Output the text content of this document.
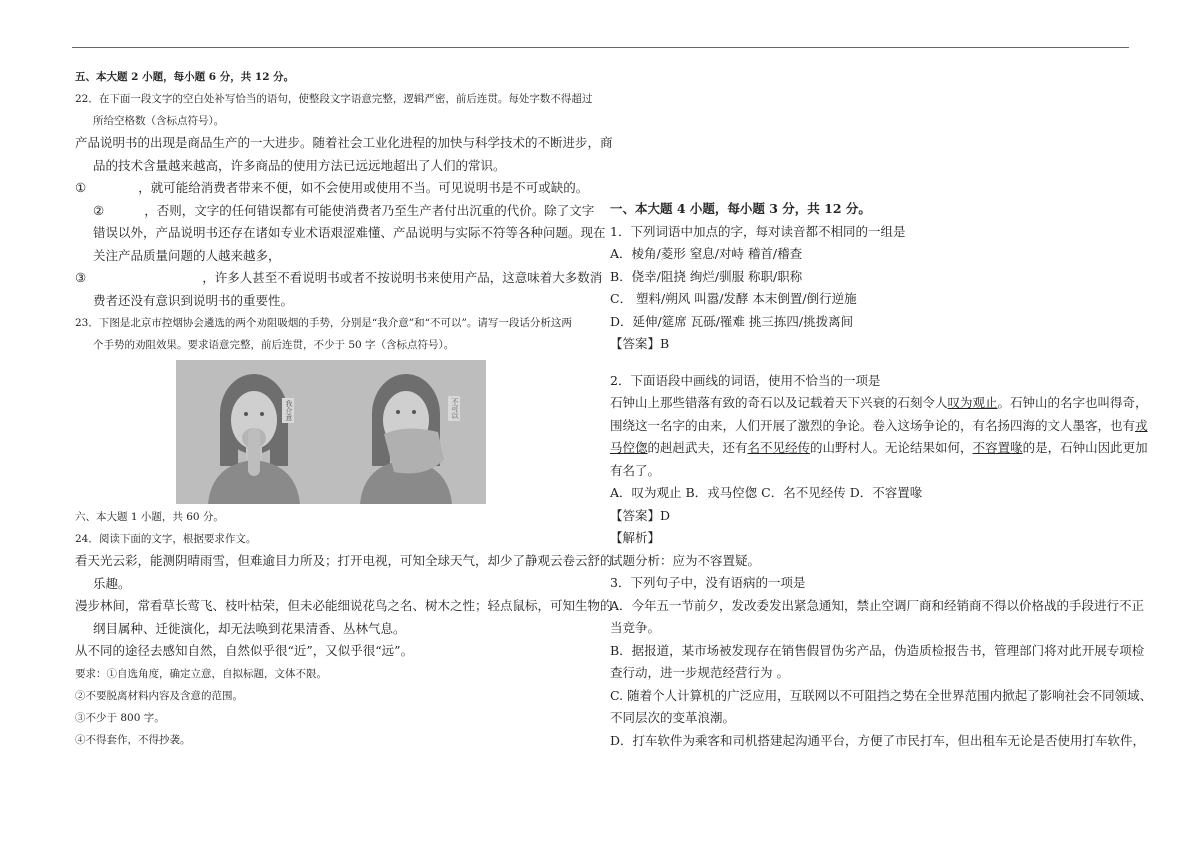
五、本大题 2 小题，每小题 6 分，共 12 分。
22．在下面一段文字的空白处补写恰当的语句，使整段文字语意完整，逻辑严密，前后连贯。每处字数不得超过
所给空格数（含标点符号）。
产品说明书的出现是商品生产的一大进步。随着社会工业化进程的加快与科学技术的不断进步，商
品的技术含量越来越高，许多商品的使用方法已远远地超出了人们的常识。
①	，就可能给消费者带来不便，如不会使用或使用不当。可见说明书是不可或缺的。
②	，否则，文字的任何错误都有可能使消费者乃至生产者付出沉重的代价。除了文字
错误以外，产品说明书还存在诸如专业术语艰涩难懂、产品说明与实际不符等各种问题。现在
关注产品质量问题的人越来越多，
③	，许多人甚至不看说明书或者不按说明书来使用产品，这意味着大多数消
费者还没有意识到说明书的重要性。
23．下图是北京市控烟协会遴选的两个劝阻吸烟的手势，分别是“我介意”和“不可以”。请写一段话分析这两
个手势的劝阻效果。要求语意完整，前后连贯，不少于 50 字（含标点符号）。
我介意	不可以
六、本大题 1 小题，共 60 分。
24．阅读下面的文字，根据要求作文。
看天光云彩，能测阴晴雨雪，但难逾目力所及；打开电视，可知全球天气，却少了静观云卷云舒的
乐趣。
漫步林间，常看草长莺飞、枝叶枯荣，但未必能细说花鸟之名、树木之性；轻点鼠标，可知生物的
纲目属种、迁徙演化，却无法唤到花果清香、丛林气息。
从不同的途径去感知自然，自然似乎很“近”，又似乎很“远”。
要求：①自选角度，确定立意，自拟标题，文体不限。
②不要脱离材料内容及含意的范围。
③不少于 800 字。
④不得套作，不得抄袭。
一、本大题 4 小题，每小题 3 分，共 12 分。
1．下列词语中加点的字，每对读音都不相同的一组是
A．棱角/菱形 窒息/对峙 稽首/稽查
B．侥幸/阻挠 绚烂/驯服 称职/职称
C． 塑料/朔风 叫嚣/发酵 本末倒置/倒行逆施
D．延伸/筵席 瓦砾/罹难 挑三拣四/挑拨离间
【答案】B
2．下面语段中画线的词语，使用不恰当的一项是
石钟山上那些错落有致的奇石以及记载着天下兴衰的石刻令人叹为观止。石钟山的名字也叫得奇，
围绕这一名字的由来，人们开展了激烈的争论。卷入这场争论的，有名扬四海的文人墨客，也有戎
马倥偬的赳赳武夫，还有名不见经传的山野村人。无论结果如何，不容置喙的是，石钟山因此更加
有名了。
A．叹为观止 B．戎马倥偬 C．名不见经传 D．不容置喙
【答案】D
【解析】
试题分析：应为不容置疑。
3．下列句子中，没有语病的一项是
A．今年五一节前夕，发改委发出紧急通知，禁止空调厂商和经销商不得以价格战的手段进行不正
当竞争。
B．据报道，某市场被发现存在销售假冒伪劣产品，伪造质检报告书，管理部门将对此开展专项检
查行动，进一步规范经营行为 。
C. 随着个人计算机的广泛应用，互联网以不可阻挡之势在全世界范围内掀起了影响社会不同领域、
不同层次的变革浪潮。
D．打车软件为乘客和司机搭建起沟通平台，方便了市民打车，但出租车无论是否使用打车软件，
